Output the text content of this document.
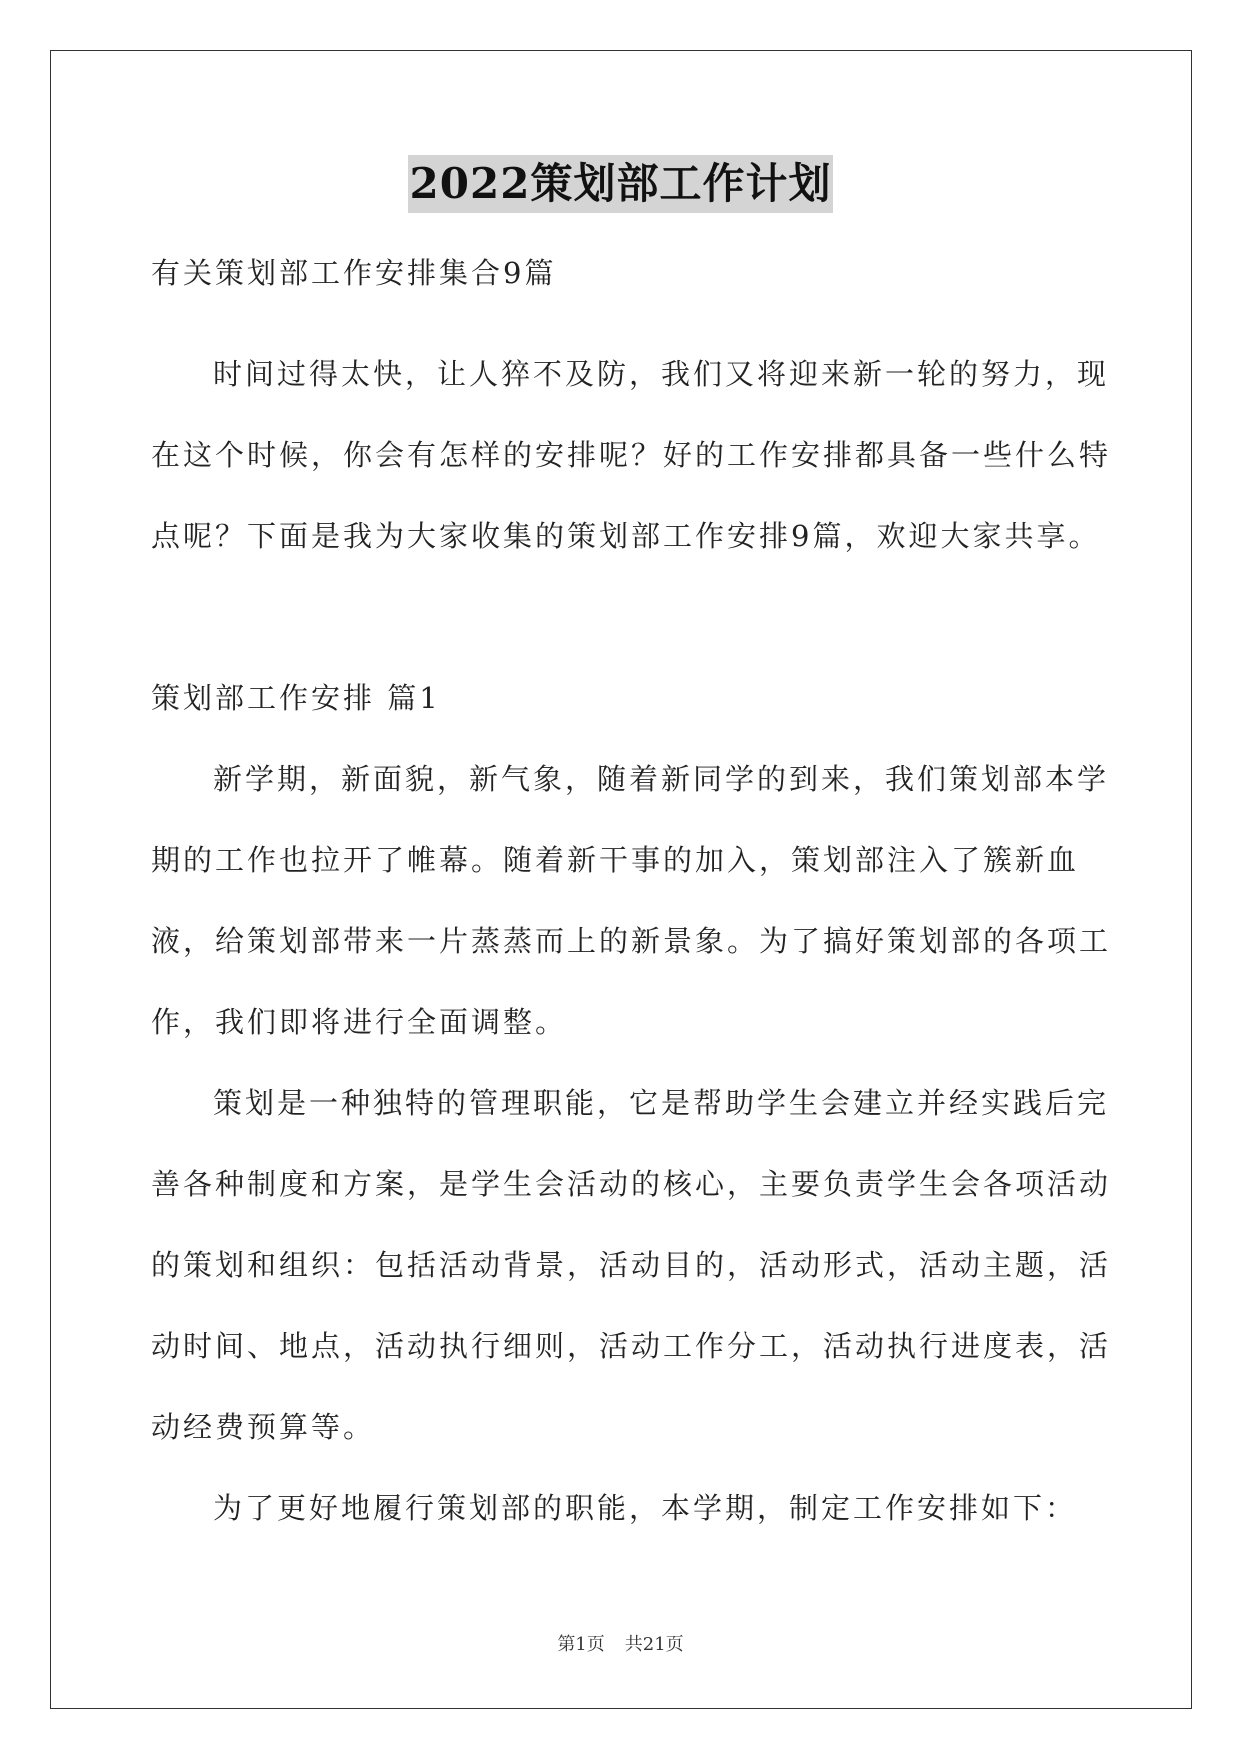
2022策划部工作计划

有关策划部工作安排集合9篇

时间过得太快，让人猝不及防，我们又将迎来新一轮的努力，现在这个时候，你会有怎样的安排呢？好的工作安排都具备一些什么特点呢？下面是我为大家收集的策划部工作安排9篇，欢迎大家共享。

策划部工作安排 篇1

新学期，新面貌，新气象，随着新同学的到来，我们策划部本学期的工作也拉开了帷幕。随着新干事的加入，策划部注入了簇新血液，给策划部带来一片蒸蒸而上的新景象。为了搞好策划部的各项工作，我们即将进行全面调整。

策划是一种独特的管理职能，它是帮助学生会建立并经实践后完善各种制度和方案，是学生会活动的核心，主要负责学生会各项活动的策划和组织：包括活动背景，活动目的，活动形式，活动主题，活动时间、地点，活动执行细则，活动工作分工，活动执行进度表，活动经费预算等。

为了更好地履行策划部的职能，本学期，制定工作安排如下：

第1页 共21页
